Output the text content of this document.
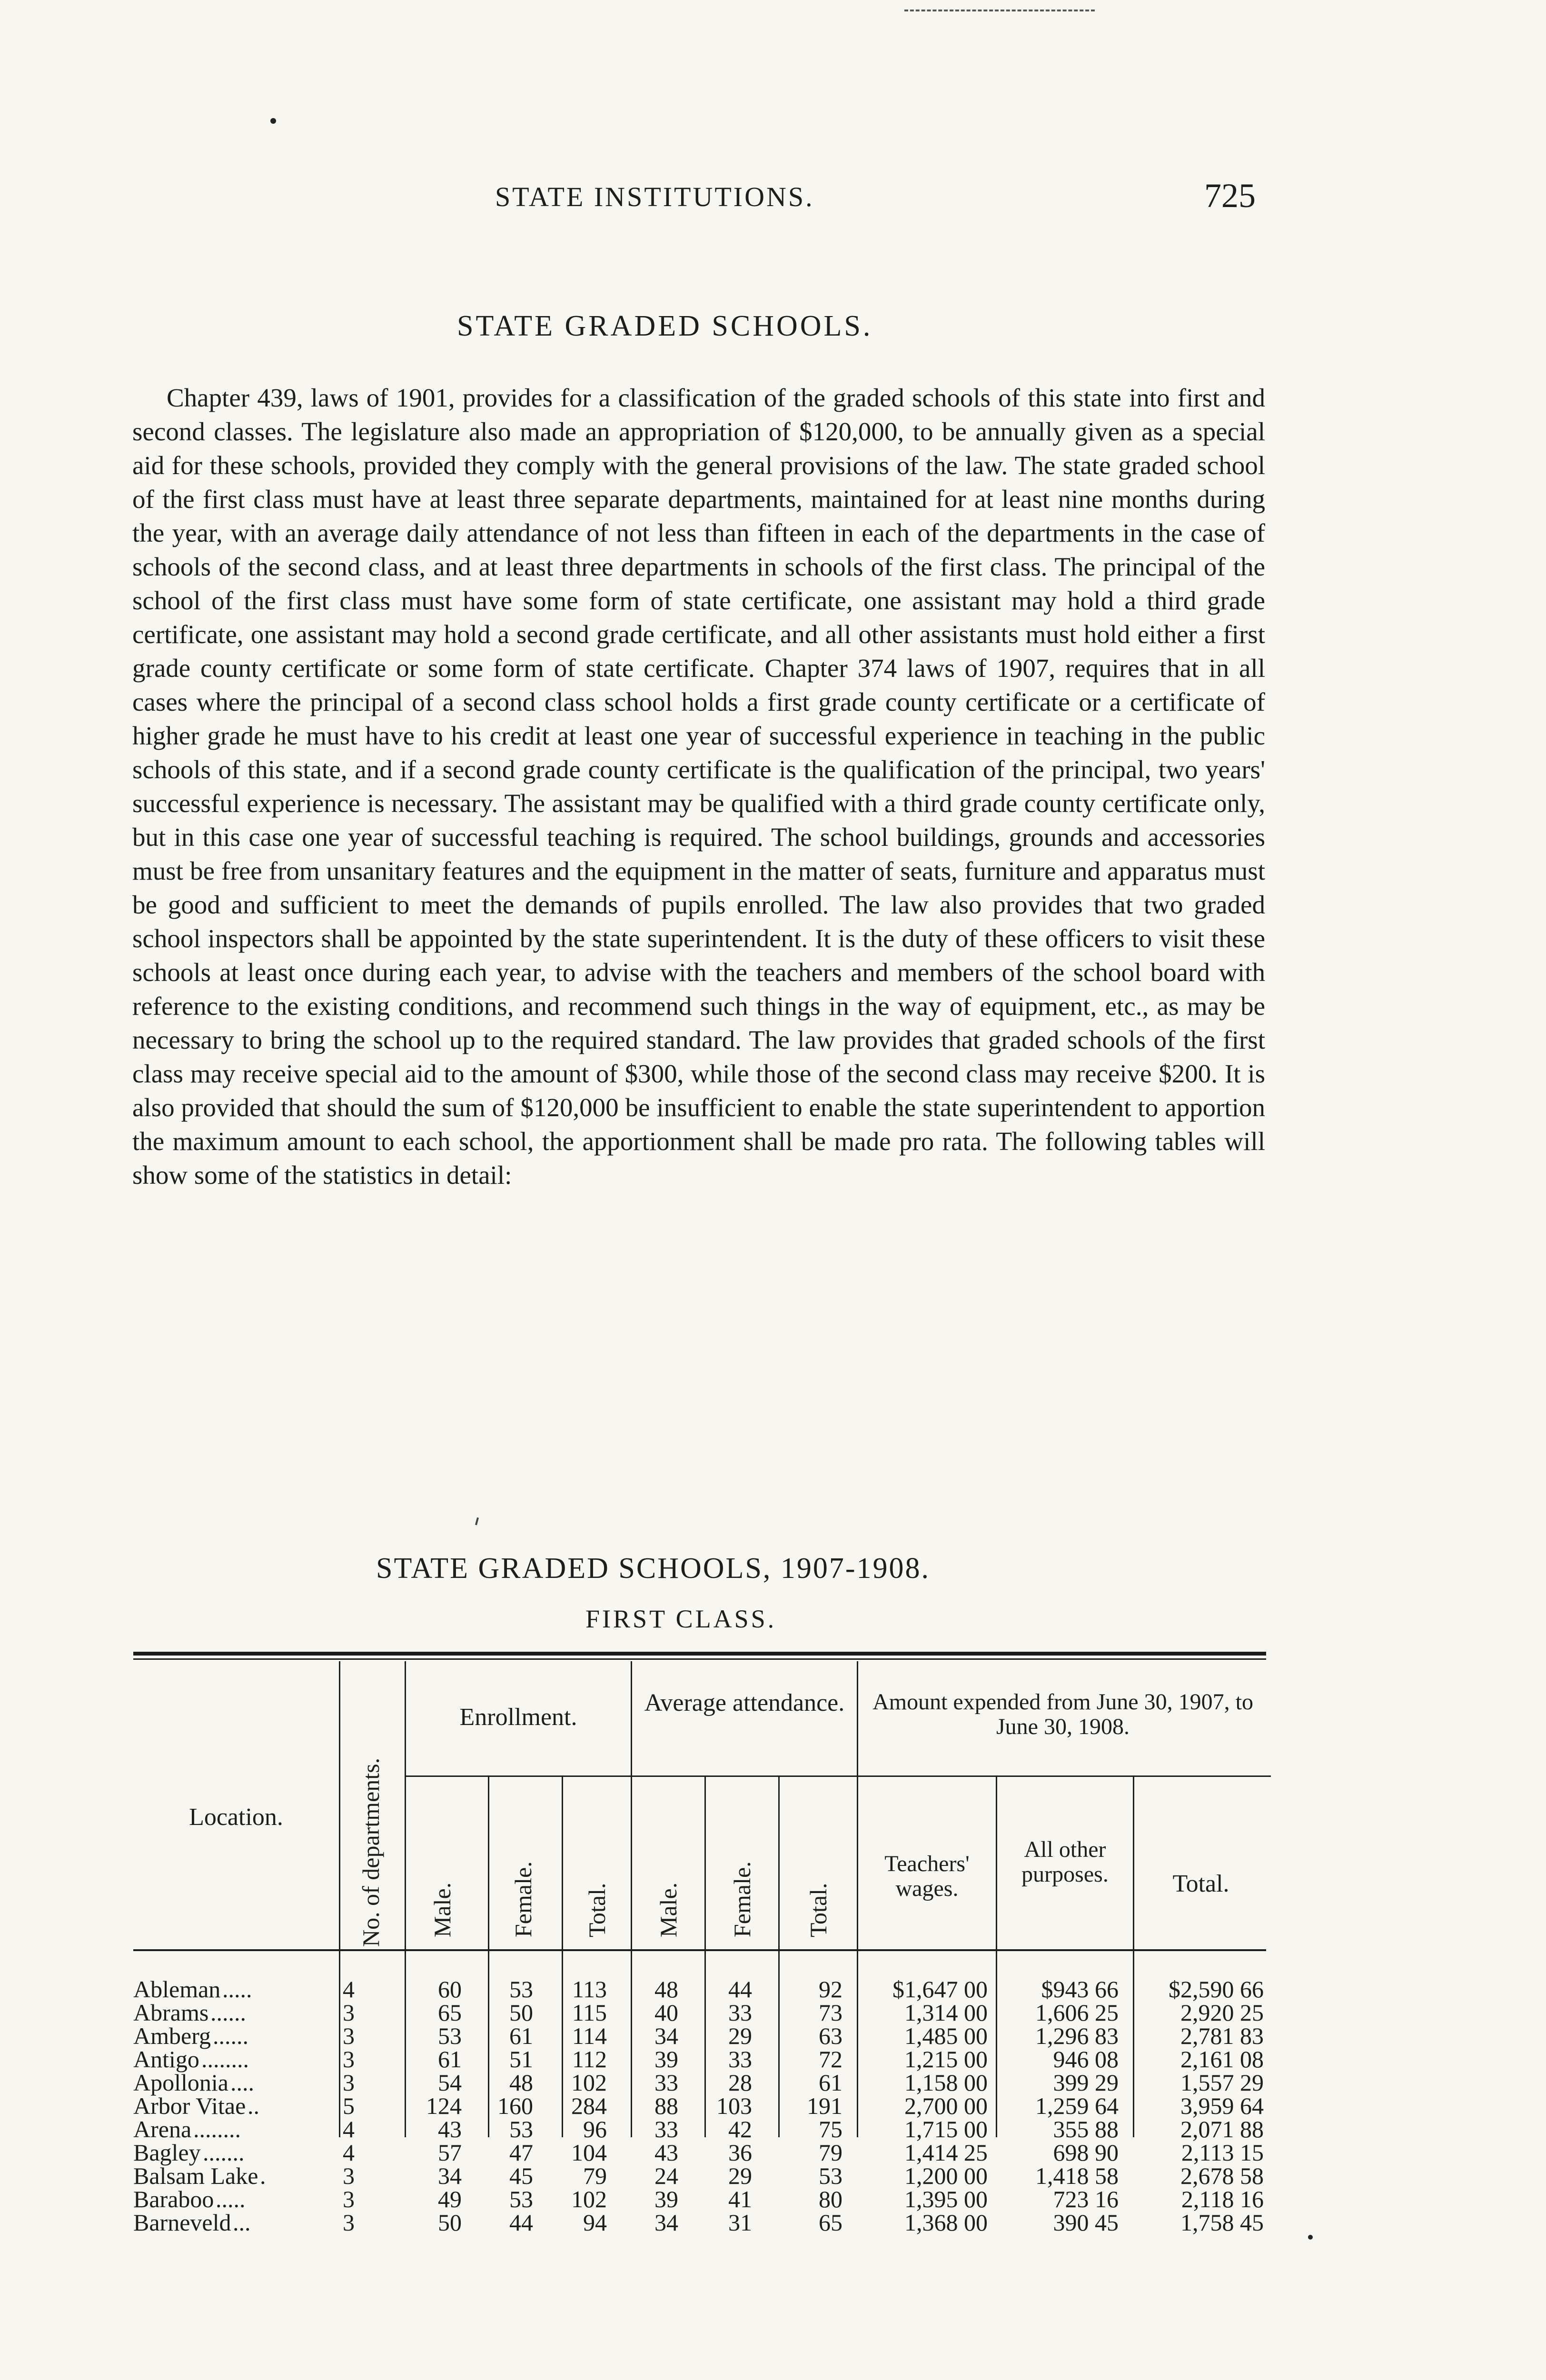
STATE INSTITUTIONS.	725
STATE GRADED SCHOOLS.

Chapter 439, laws of 1901, provides for a classification of the graded schools of this state into first and second classes. The legislature also made an appropriation of $120,000, to be annually given as a special aid for these schools, provided they comply with the general provisions of the law. The state graded school of the first class must have at least three separate departments, maintained for at least nine months during the year, with an average daily attendance of not less than fifteen in each of the departments in the case of schools of the second class, and at least three departments in schools of the first class. The principal of the school of the first class must have some form of state certificate, one assistant may hold a third grade certificate, one assistant may hold a second grade certificate, and all other assistants must hold either a first grade county certificate or some form of state certificate. Chapter 374 laws of 1907, requires that in all cases where the principal of a second class school holds a first grade county certificate or a certificate of higher grade he must have to his credit at least one year of successful experience in teaching in the public schools of this state, and if a second grade county certificate is the qualification of the principal, two years' successful experience is necessary. The assistant may be qualified with a third grade county certificate only, but in this case one year of successful teaching is required. The school buildings, grounds and accessories must be free from unsanitary features and the equipment in the matter of seats, furniture and apparatus must be good and sufficient to meet the demands of pupils enrolled. The law also provides that two graded school inspectors shall be appointed by the state superintendent. It is the duty of these officers to visit these schools at least once during each year, to advise with the teachers and members of the school board with reference to the existing conditions, and recommend such things in the way of equipment, etc., as may be necessary to bring the school up to the required standard. The law provides that graded schools of the first class may receive special aid to the amount of $300, while those of the second class may receive $200. It is also provided that should the sum of $120,000 be insufficient to enable the state superintendent to apportion the maximum amount to each school, the apportionment shall be made pro rata. The following tables will show some of the statistics in detail:

STATE GRADED SCHOOLS, 1907-1908.
FIRST CLASS.
Location.	No. of departments.
Enrollment.
Average attendance.	Amount expended from June 30, 1907, to June 30, 1908.
Male. Female. Total. Male. Female. Total.
Teachers' wages.
All other purposes.	Total.
Ableman .....	4	60	53	113	48	44	92	$1,647 00	$943 66	$2,590 66
Abrams ......	3	65	50	115	40	33	73	1,314 00	1,606 25	2,920 25
Amberg ......	3	53	61	114	34	29	63	1,485 00	1,296 83	2,781 83
Antigo ........	3	61	51	112	39	33	72	1,215 00	946 08	2,161 08
Apollonia ....	3	54	48	102	33	28	61	1,158 00	399 29	1,557 29
Arbor Vitae ..	5	124	160	284	88	103	191	2,700 00	1,259 64	3,959 64
Arena ........	4	43	53	96	33	42	75	1,715 00	355 88	2,071 88
Bagley .......	4	57	47	104	43	36	79	1,414 25	698 90	2,113 15
Balsam Lake .	3	34	45	79	24	29	53	1,200 00	1,418 58	2,678 58
Baraboo .....	3	49	53	102	39	41	80	1,395 00	723 16	2,118 16
Barneveld ...	3	50	44	94	34	31	65	1,368 00	390 45	1,758 45
